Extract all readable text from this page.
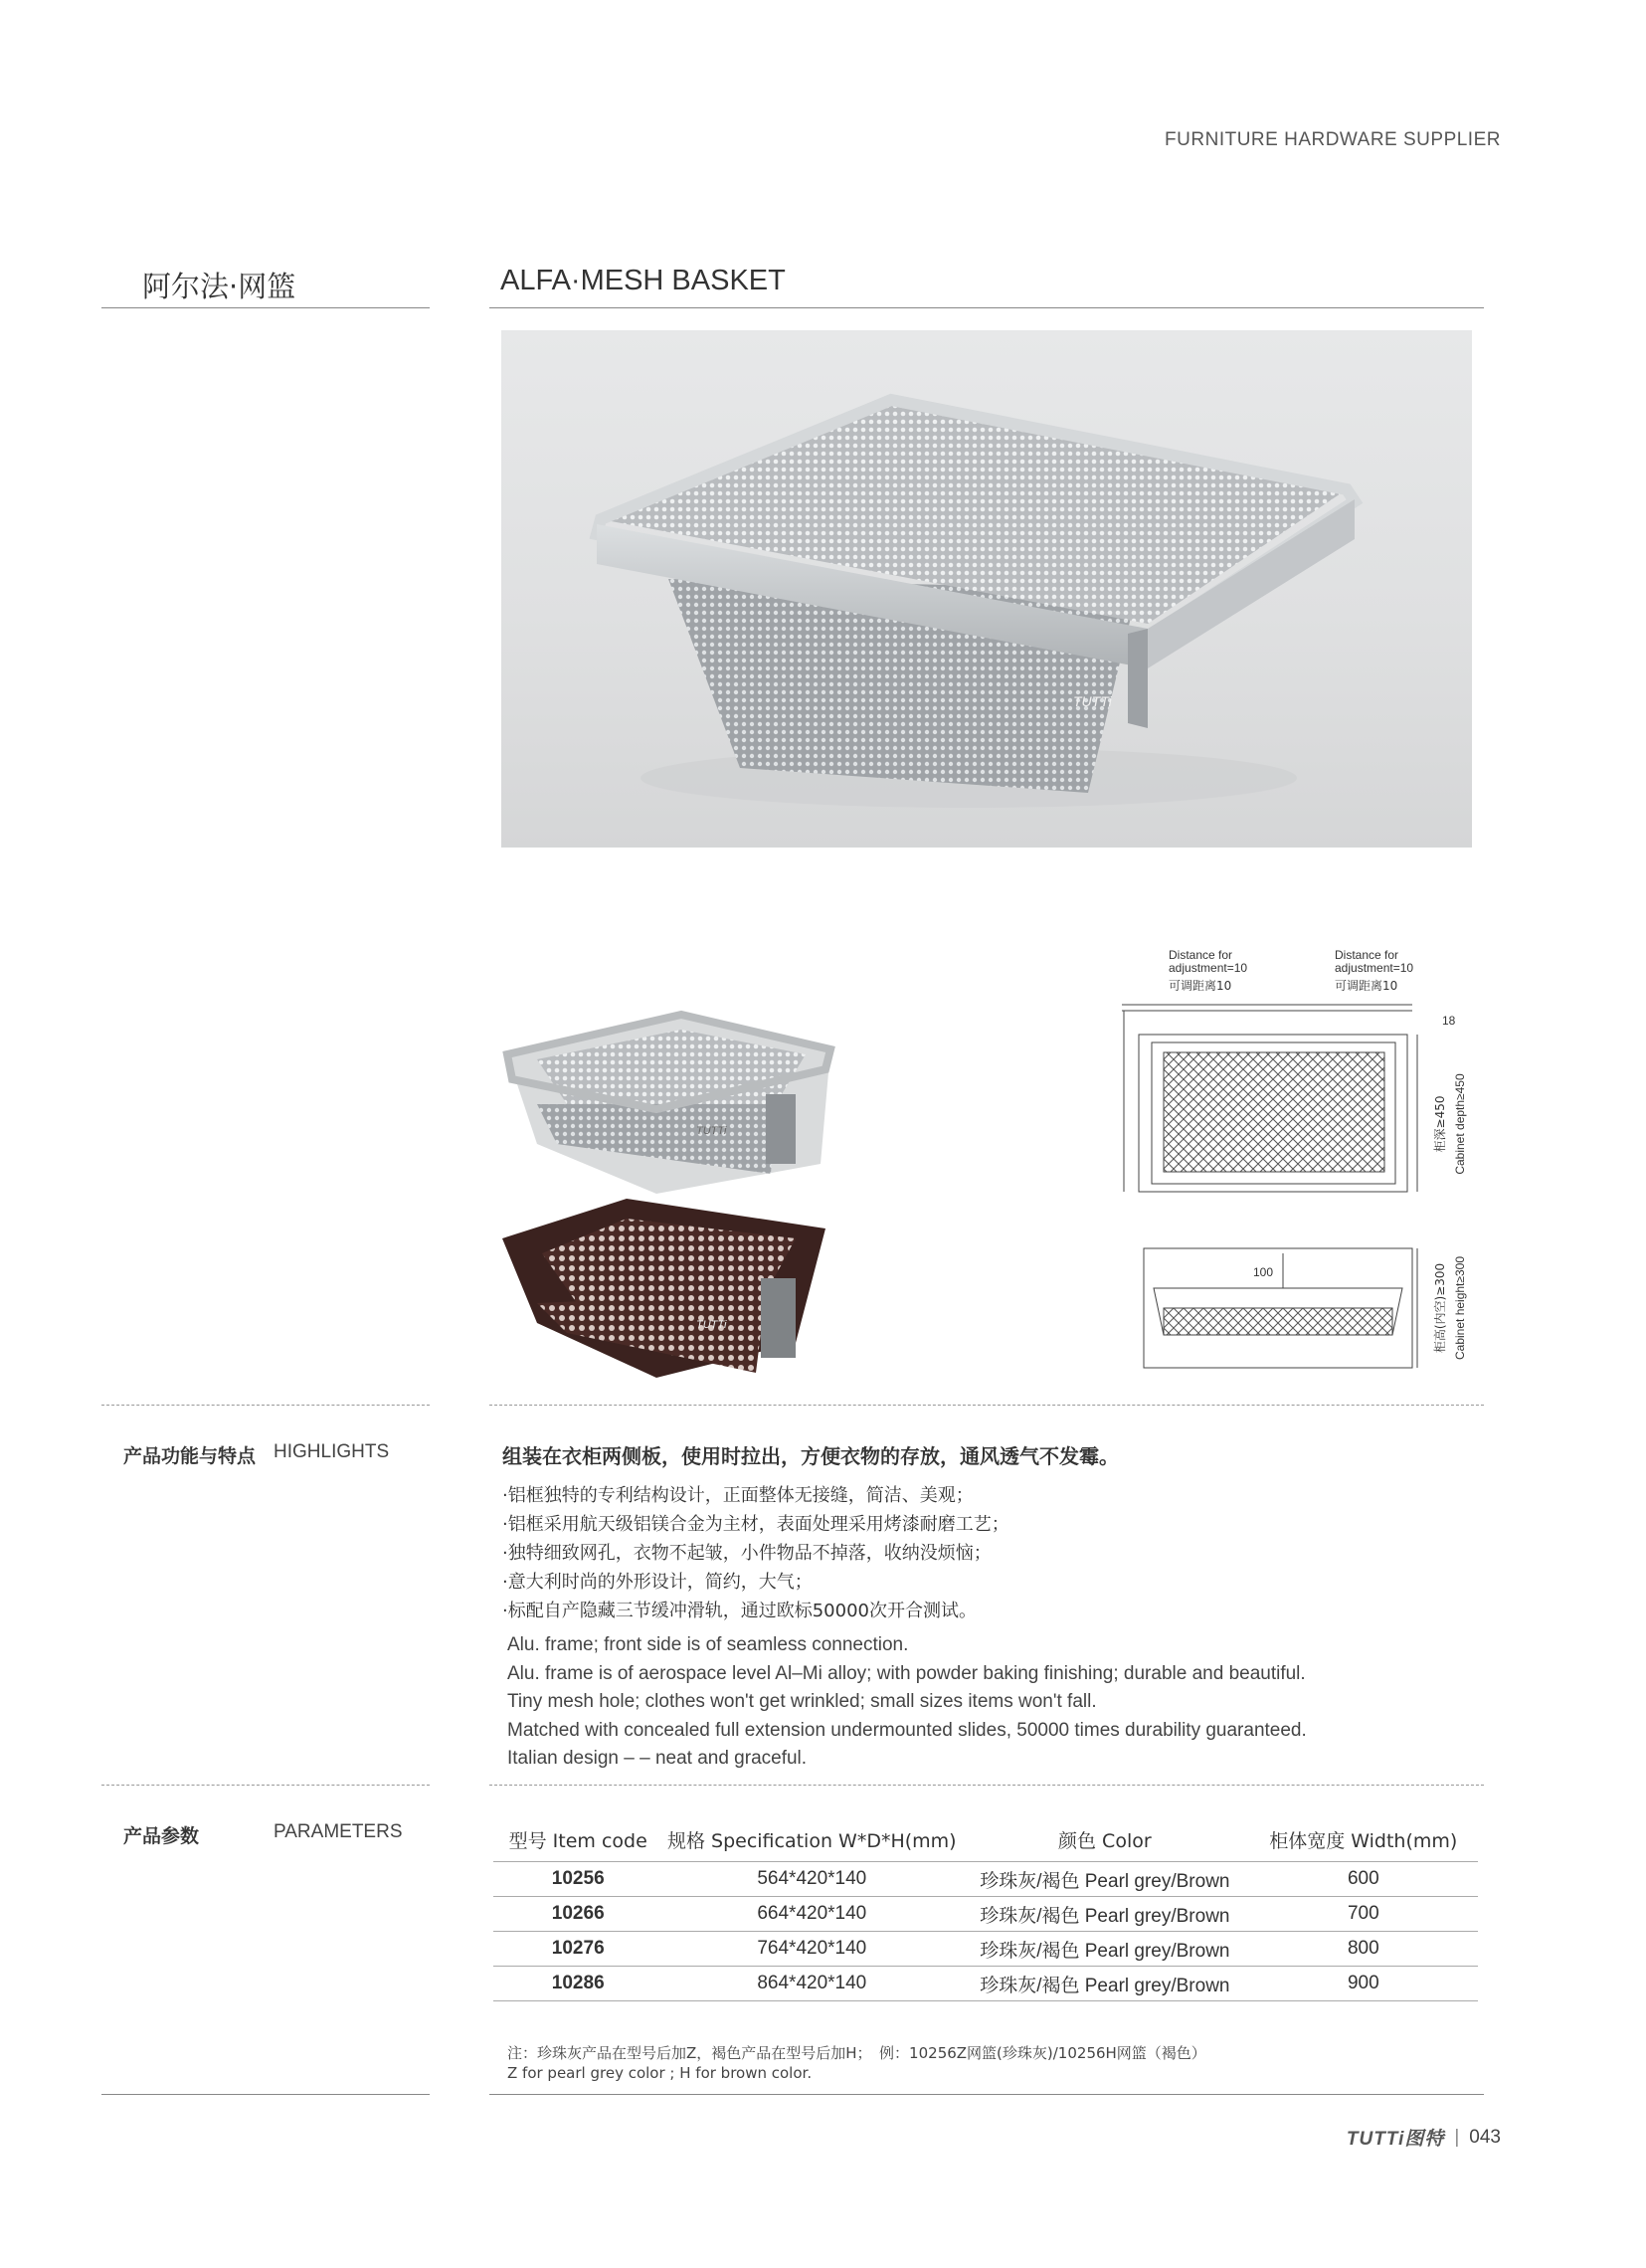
FURNITURE HARDWARE SUPPLIER
阿尔法·网篮	ALFA·MESH BASKET
TUTTi
TUTTi
TUTTi
Distance for
adjustment=10
可调距离10
Distance for
adjustment=10
可调距离10
18
柜深≥450 Cabinet depth≥450
100	柜高(内空)≥300 Cabinet height≥300
产品功能与特点 HIGHLIGHTS	组装在衣柜两侧板，使用时拉出，方便衣物的存放，通风透气不发霉。
·铝框独特的专利结构设计，正面整体无接缝，简洁、美观；
·铝框采用航天级铝镁合金为主材，表面处理采用烤漆耐磨工艺；
·独特细致网孔，衣物不起皱，小件物品不掉落，收纳没烦恼；
·意大利时尚的外形设计，简约，大气；
·标配自产隐藏三节缓冲滑轨，通过欧标50000次开合测试。
Alu. frame; front side is of seamless connection.
Alu. frame is of aerospace level Al–Mi alloy; with powder baking finishing; durable and beautiful.
Tiny mesh hole; clothes won't get wrinkled; small sizes items won't fall.
Matched with concealed full extension undermounted slides, 50000 times durability guaranteed.
Italian design – – neat and graceful.
产品参数	PARAMETERS	型号 Item code	规格 Specification W*D*H(mm)	颜色 Color	柜体宽度 Width(mm)
10256	564*420*140	珍珠灰/褐色 Pearl grey/Brown	600
10266	664*420*140	珍珠灰/褐色 Pearl grey/Brown	700
10276	764*420*140	珍珠灰/褐色 Pearl grey/Brown	800
10286	864*420*140	珍珠灰/褐色 Pearl grey/Brown	900
注：珍珠灰产品在型号后加Z，褐色产品在型号后加H；　例：10256Z网篮(珍珠灰)/10256H网篮（褐色）
Z for pearl grey color ; H for brown color.
TUTTi图特 | 043
